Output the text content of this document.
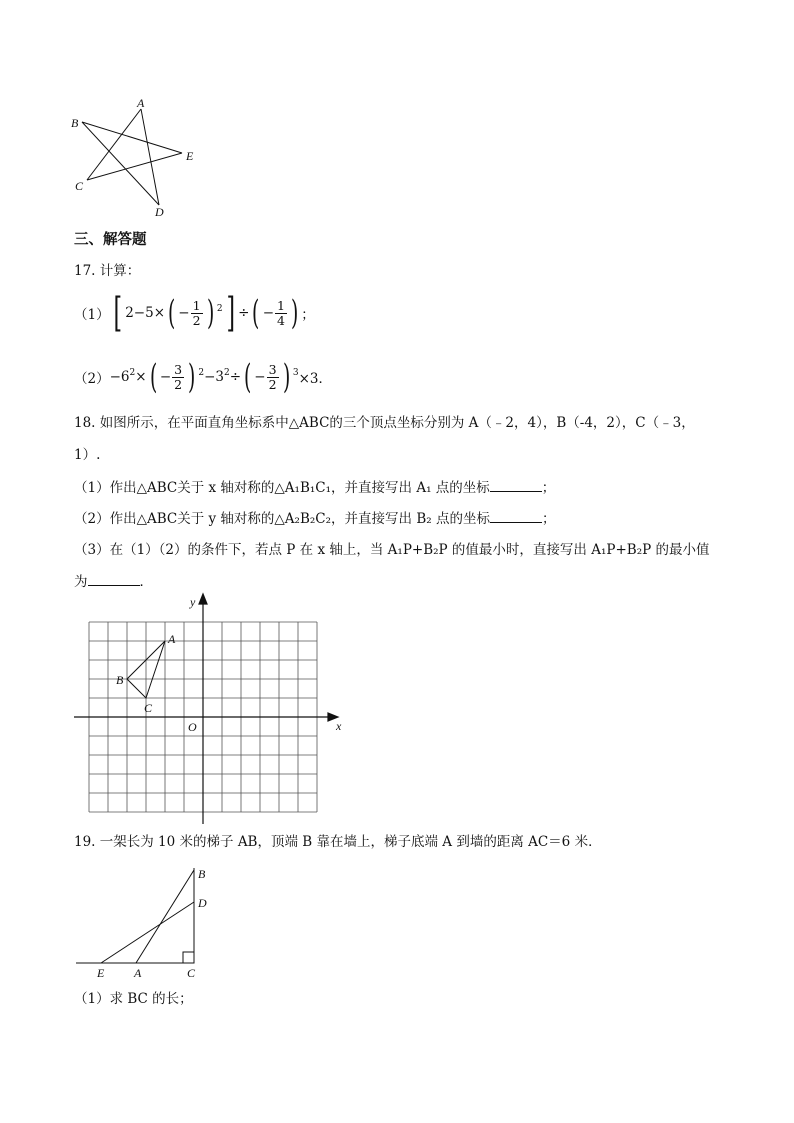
A
B
C
D
E
三、解答题
17. 计算：
（1） [ 2 − 5 × ( − $\frac{1}{2}$ ) $^2$ ] ÷ ( − $\frac{1}{4}$ ) ；
$(2) -6^2$ × ( − $\frac{3}{2}$ ) $^2 -3^2$ ÷ ( − $\frac{3}{2}$ ) $^3$ ×3．
18. 如图所示，在平面直角坐标系中△ABC的三个顶点坐标分别为 A（﹣2，4），B（-4，2），C（﹣3，
1）.
（1）作出△ABC关于 x 轴对称的△A₁B₁C₁，并直接写出 A₁ 点的坐标	；
（2）作出△ABC关于 y 轴对称的△A₂B₂C₂，并直接写出 B₂ 点的坐标	；
（3）在（1）（2）的条件下，若点 P 在 x 轴上，当 A₁P+B₂P 的值最小时，直接写出 A₁P+B₂P 的最小值
为	．
x
y
O
A
B
C
19. 一架长为 10 米的梯子 AB，顶端 B 靠在墙上，梯子底端 A 到墙的距离 AC＝6 米．
B
D
E A	C
（1）求 BC 的长；
